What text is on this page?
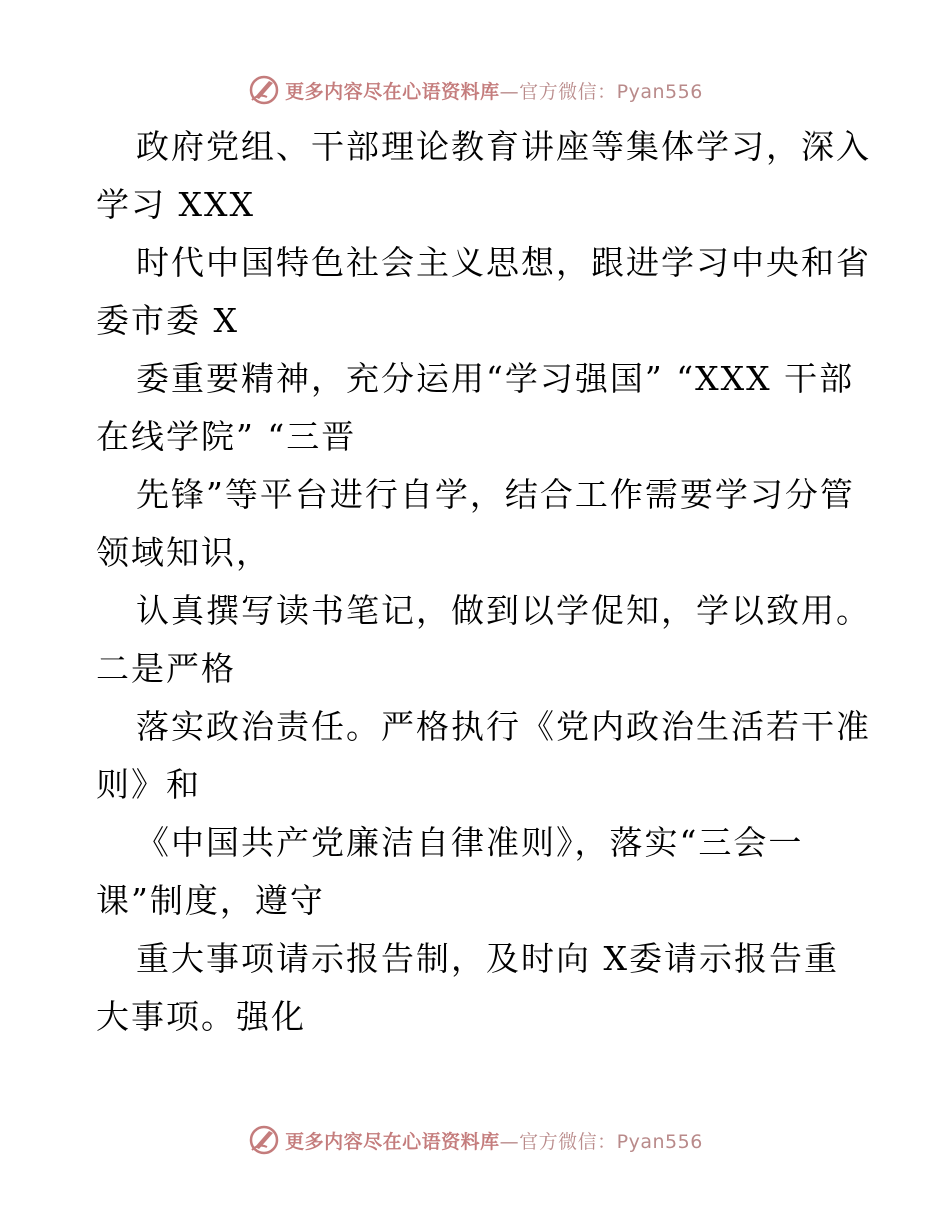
更多内容尽在心语资料库—官方微信：Pyan556
政府党组、干部理论教育讲座等集体学习，深入
学习 XXX
时代中国特色社会主义思想，跟进学习中央和省
委市委 X
委重要精神，充分运用“学习强国” “XXX 干部
在线学院” “三晋
先锋”等平台进行自学，结合工作需要学习分管
领域知识，
认真撰写读书笔记，做到以学促知，学以致用。
二是严格
落实政治责任。严格执行《党内政治生活若干准
则》和
《中国共产党廉洁自律准则》，落实“三会一
课”制度，遵守
重大事项请示报告制，及时向 X委请示报告重
大事项。强化
更多内容尽在心语资料库—官方微信：Pyan556
